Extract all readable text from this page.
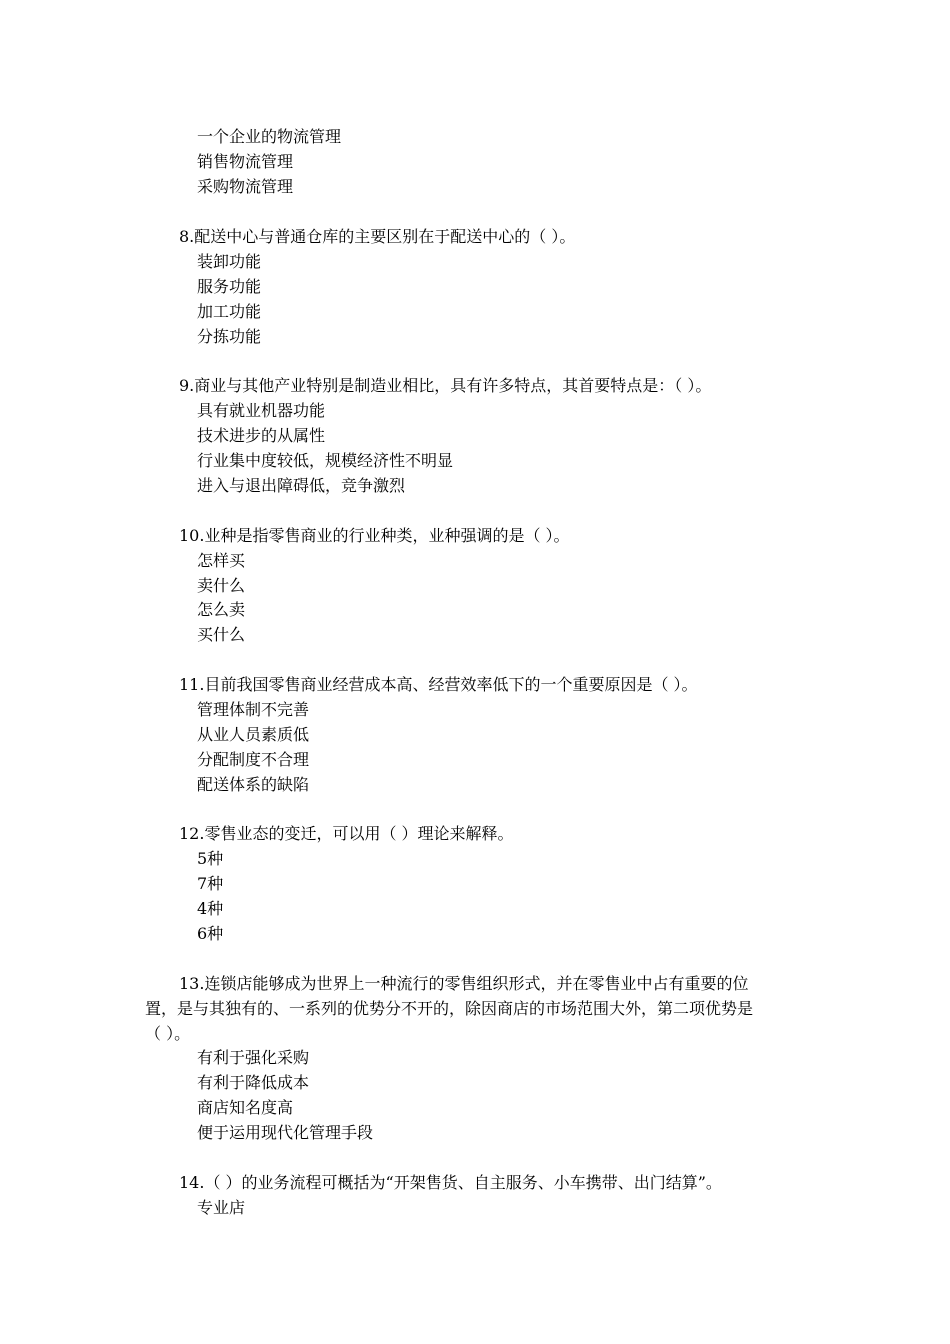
一个企业的物流管理
销售物流管理
采购物流管理
8.配送中心与普通仓库的主要区别在于配送中心的（ ）。
装卸功能
服务功能
加工功能
分拣功能
9.商业与其他产业特别是制造业相比，具有许多特点，其首要特点是：（ ）。
具有就业机器功能
技术进步的从属性
行业集中度较低，规模经济性不明显
进入与退出障碍低，竞争激烈
10.业种是指零售商业的行业种类，业种强调的是（ ）。
怎样买
卖什么
怎么卖
买什么
11.目前我国零售商业经营成本高、经营效率低下的一个重要原因是（ ）。
管理体制不完善
从业人员素质低
分配制度不合理
配送体系的缺陷
12.零售业态的变迁，可以用（ ）理论来解释。
5种
7种
4种
6种
13.连锁店能够成为世界上一种流行的零售组织形式，并在零售业中占有重要的位
置，是与其独有的、一系列的优势分不开的，除因商店的市场范围大外，第二项优势是
（ ）。
有利于强化采购
有利于降低成本
商店知名度高
便于运用现代化管理手段
14.（ ）的业务流程可概括为“开架售货、自主服务、小车携带、出门结算”。
专业店
